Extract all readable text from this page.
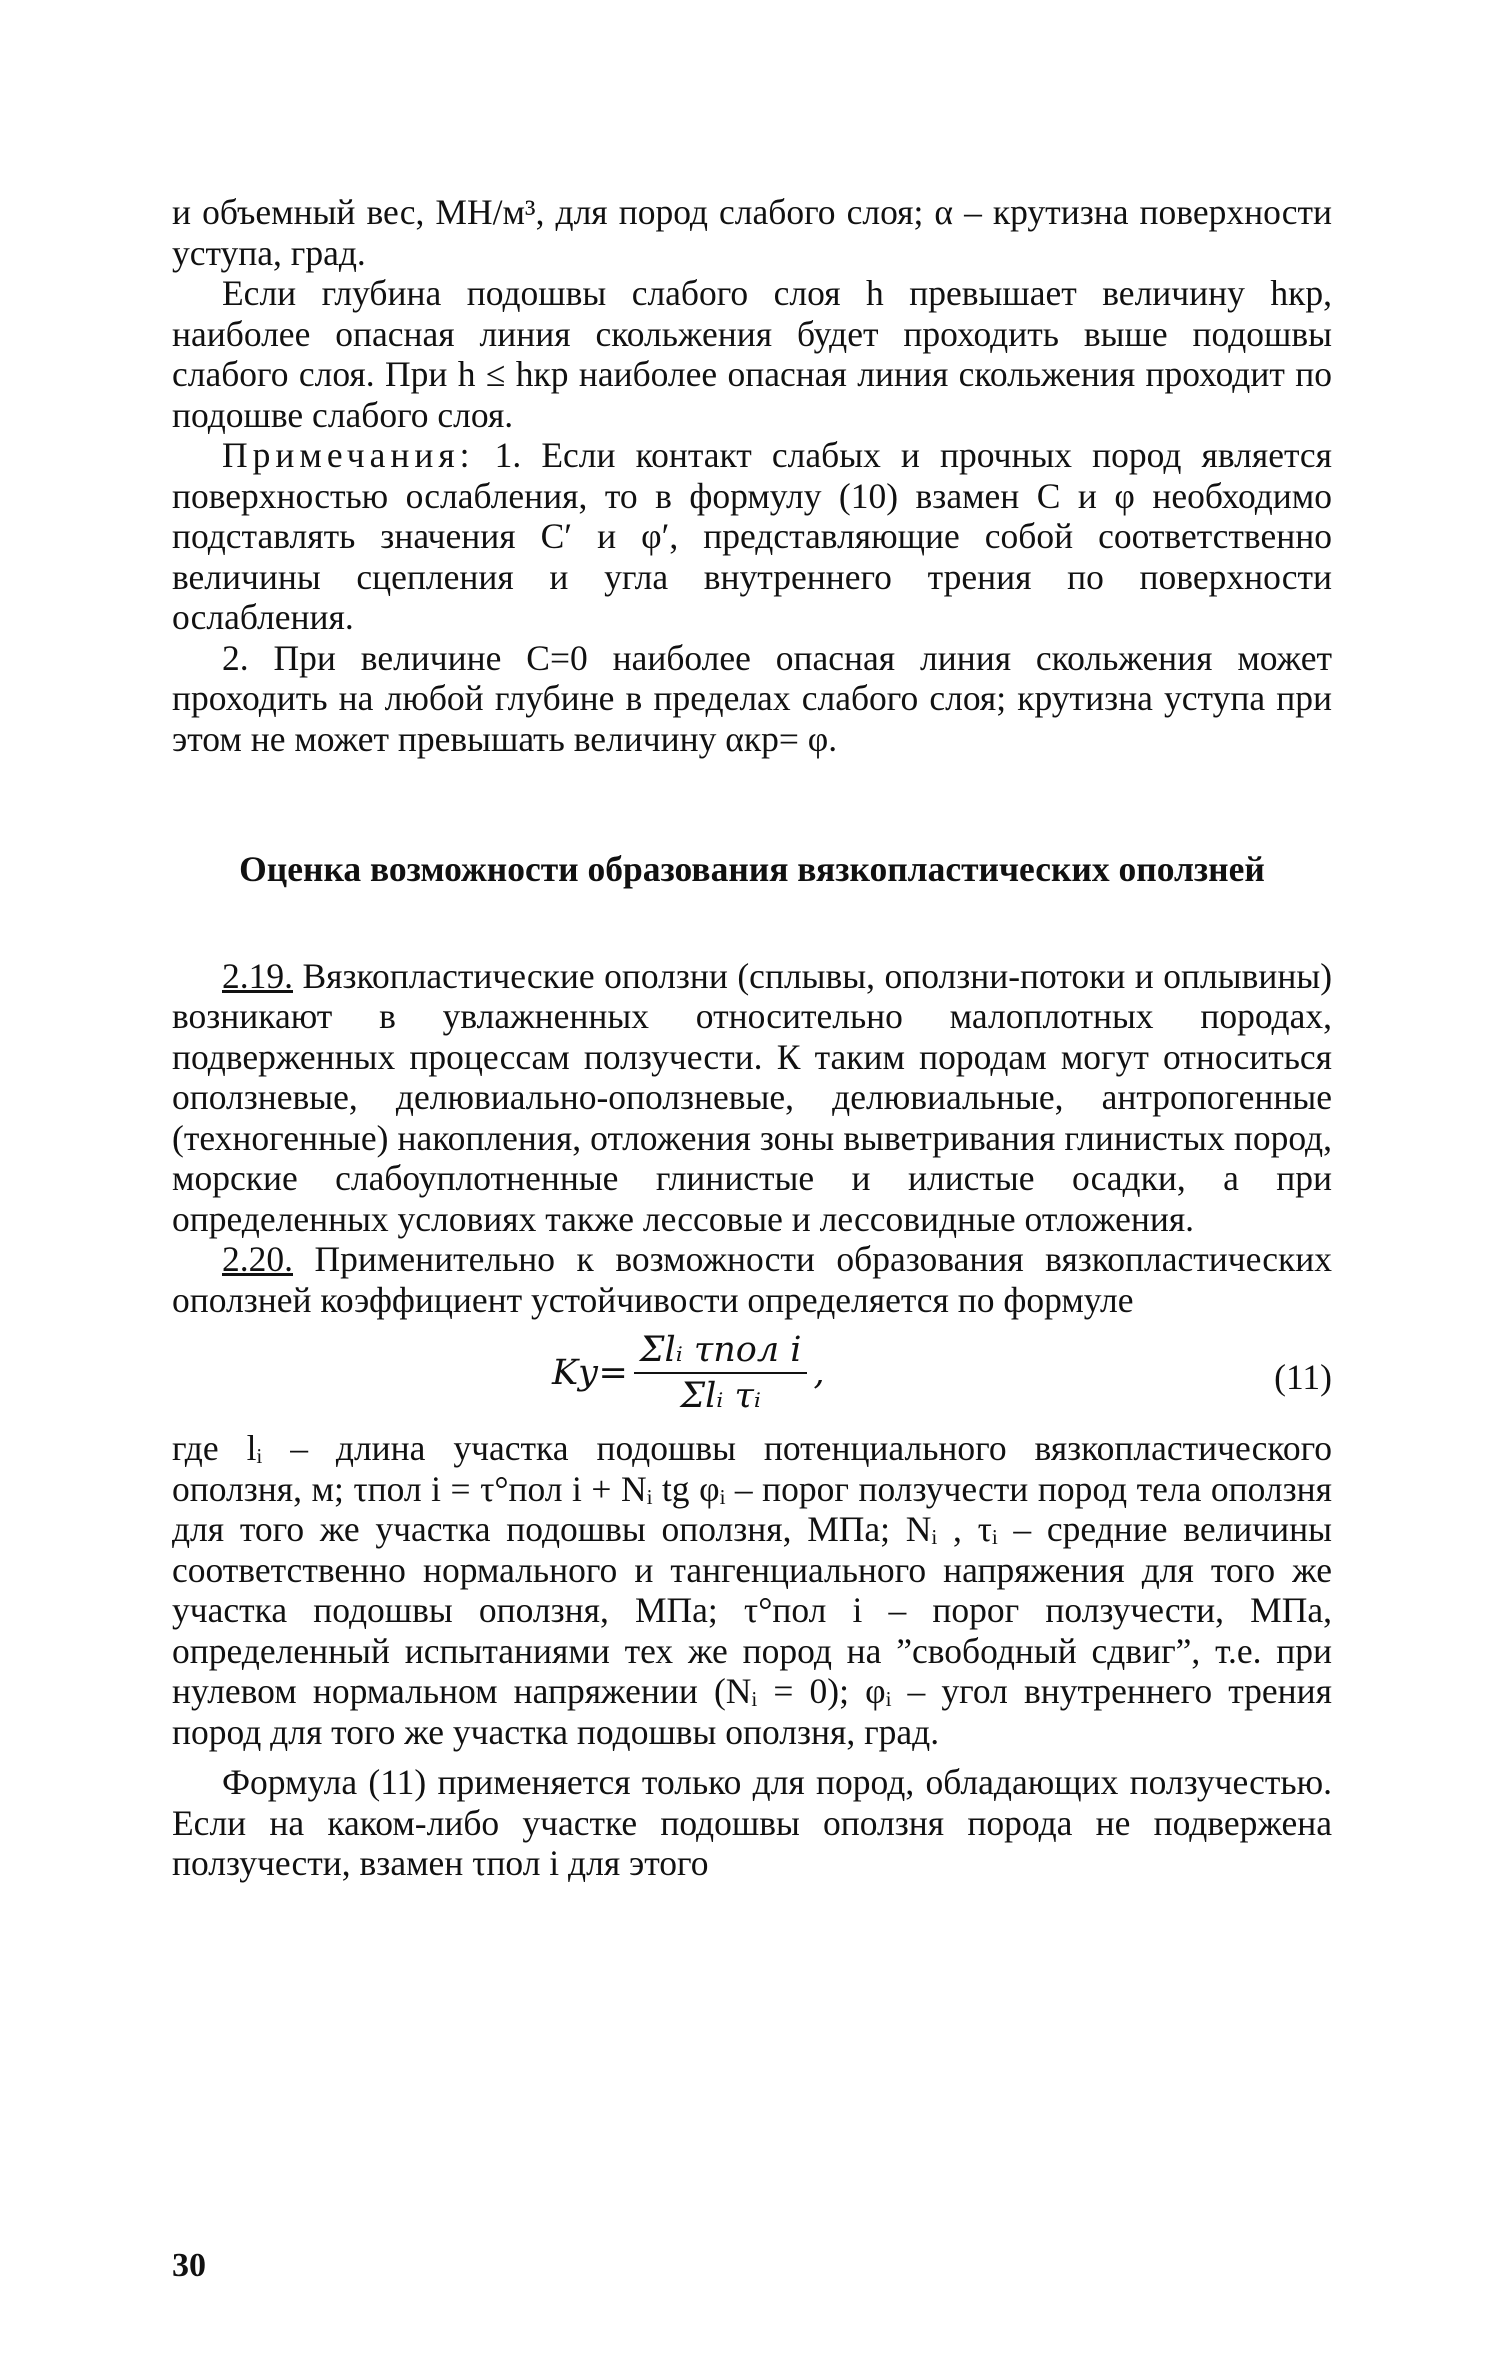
и объемный вес, МН/м³, для пород слабого слоя; α – крутизна поверхности уступа, град.

Если глубина подошвы слабого слоя h превышает величину hкр, наиболее опасная линия скольжения будет проходить выше подошвы слабого слоя. При h ≤ hкр наиболее опасная линия скольжения проходит по подошве слабого слоя.

Примечания: 1. Если контакт слабых и прочных пород является поверхностью ослабления, то в формулу (10) взамен C и φ необходимо подставлять значения C′ и φ′, представляющие собой соответственно величины сцепления и угла внутреннего трения по поверхности ослабления.

2. При величине C=0 наиболее опасная линия скольжения может проходить на любой глубине в пределах слабого слоя; крутизна уступа при этом не может превышать величину αкр= φ.

Оценка возможности образования вязкопластических оползней

2.19. Вязкопластические оползни (сплывы, оползни-потоки и оплывины) возникают в увлажненных относительно малоплотных породах, подверженных процессам ползучести. К таким породам могут относиться оползневые, делювиально-оползневые, делювиальные, антропогенные (техногенные) накопления, отложения зоны выветривания глинистых пород, морские слабоуплотненные глинистые и илистые осадки, а при определенных условиях также лессовые и лессовидные отложения.

2.20. Применительно к возможности образования вязкопластических оползней коэффициент устойчивости определяется по формуле

$Kу= \frac{\text{Σlᵢ τпол i}}{\text{Σlᵢ τᵢ}}$ ,	(11)

где lᵢ – длина участка подошвы потенциального вязкопластического оползня, м; τпол i = τ°пол i + Nᵢ tg φᵢ – порог ползучести пород тела оползня для того же участка подошвы оползня, МПа; Nᵢ , τᵢ – средние величины соответственно нормального и тангенциального напряжения для того же участка подошвы оползня, МПа; τ°пол i – порог ползучести, МПа, определенный испытаниями тех же пород на ”свободный сдвиг”, т.е. при нулевом нормальном напряжении (Nᵢ = 0); φᵢ – угол внутреннего трения пород для того же участка подошвы оползня, град.

Формула (11) применяется только для пород, обладающих ползучестью. Если на каком-либо участке подошвы оползня порода не подвержена ползучести, взамен τпол i для этого

30
